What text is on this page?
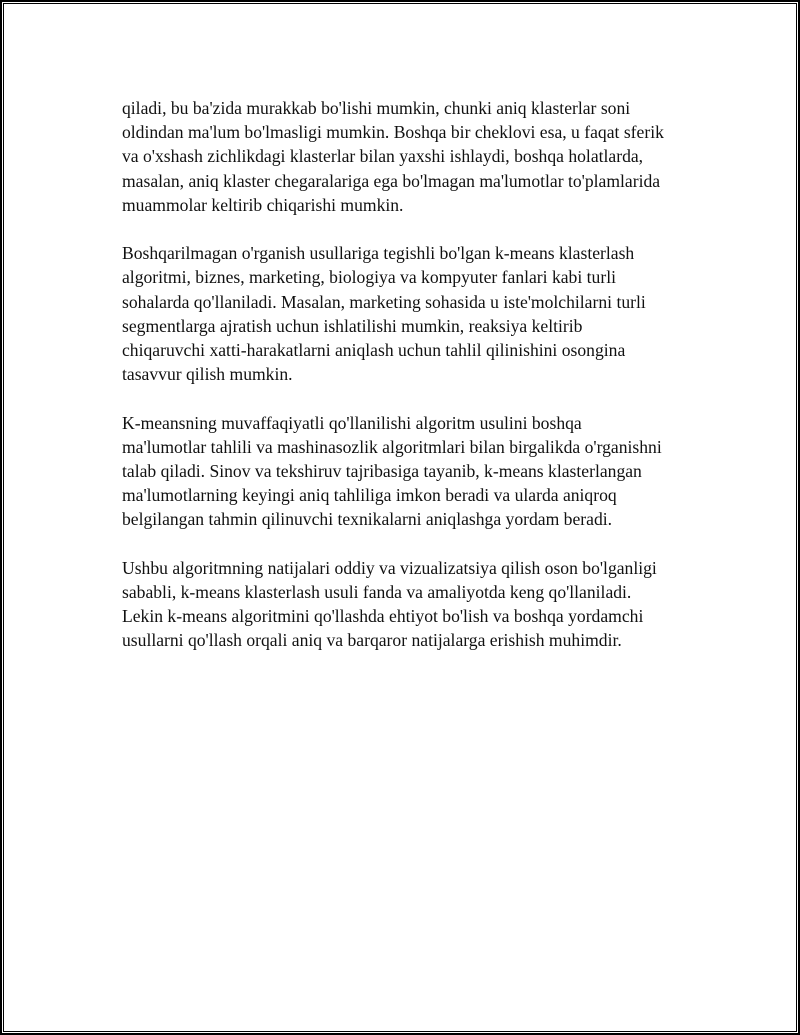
qiladi, bu ba'zida murakkab bo'lishi mumkin, chunki aniq klasterlar soni
oldindan ma'lum bo'lmasligi mumkin. Boshqa bir cheklovi esa, u faqat sferik
va o'xshash zichlikdagi klasterlar bilan yaxshi ishlaydi, boshqa holatlarda,
masalan, aniq klaster chegaralariga ega bo'lmagan ma'lumotlar to'plamlarida
muammolar keltirib chiqarishi mumkin.

Boshqarilmagan o'rganish usullariga tegishli bo'lgan k-means klasterlash
algoritmi, biznes, marketing, biologiya va kompyuter fanlari kabi turli
sohalarda qo'llaniladi. Masalan, marketing sohasida u iste'molchilarni turli
segmentlarga ajratish uchun ishlatilishi mumkin, reaksiya keltirib
chiqaruvchi xatti-harakatlarni aniqlash uchun tahlil qilinishini osongina
tasavvur qilish mumkin.

K-meansning muvaffaqiyatli qo'llanilishi algoritm usulini boshqa
ma'lumotlar tahlili va mashinasozlik algoritmlari bilan birgalikda o'rganishni
talab qiladi. Sinov va tekshiruv tajribasiga tayanib, k-means klasterlangan
ma'lumotlarning keyingi aniq tahliliga imkon beradi va ularda aniqroq
belgilangan tahmin qilinuvchi texnikalarni aniqlashga yordam beradi.

Ushbu algoritmning natijalari oddiy va vizualizatsiya qilish oson bo'lganligi
sababli, k-means klasterlash usuli fanda va amaliyotda keng qo'llaniladi.
Lekin k-means algoritmini qo'llashda ehtiyot bo'lish va boshqa yordamchi
usullarni qo'llash orqali aniq va barqaror natijalarga erishish muhimdir.
